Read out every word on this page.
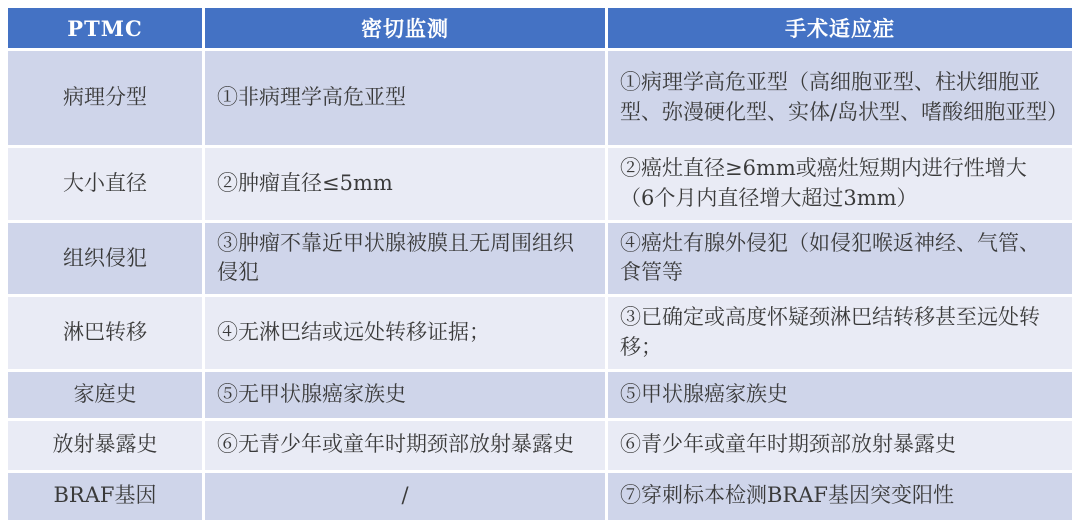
PTMC	密切监测	手术适应症
病理分型	①非病理学高危亚型	①病理学高危亚型（高细胞亚型、柱状细胞亚型、弥漫硬化型、实体/岛状型、嗜酸细胞亚型）
大小直径	②肿瘤直径≤5mm	②癌灶直径≥6mm或癌灶短期内进行性增大（6个月内直径增大超过3mm）
组织侵犯	③肿瘤不靠近甲状腺被膜且无周围组织侵犯	④癌灶有腺外侵犯（如侵犯喉返神经、气管、食管等
淋巴转移	④无淋巴结或远处转移证据；	③已确定或高度怀疑颈淋巴结转移甚至远处转移；
家庭史	⑤无甲状腺癌家族史	⑤甲状腺癌家族史
放射暴露史	⑥无青少年或童年时期颈部放射暴露史	⑥青少年或童年时期颈部放射暴露史
BRAF基因	/	⑦穿刺标本检测BRAF基因突变阳性
